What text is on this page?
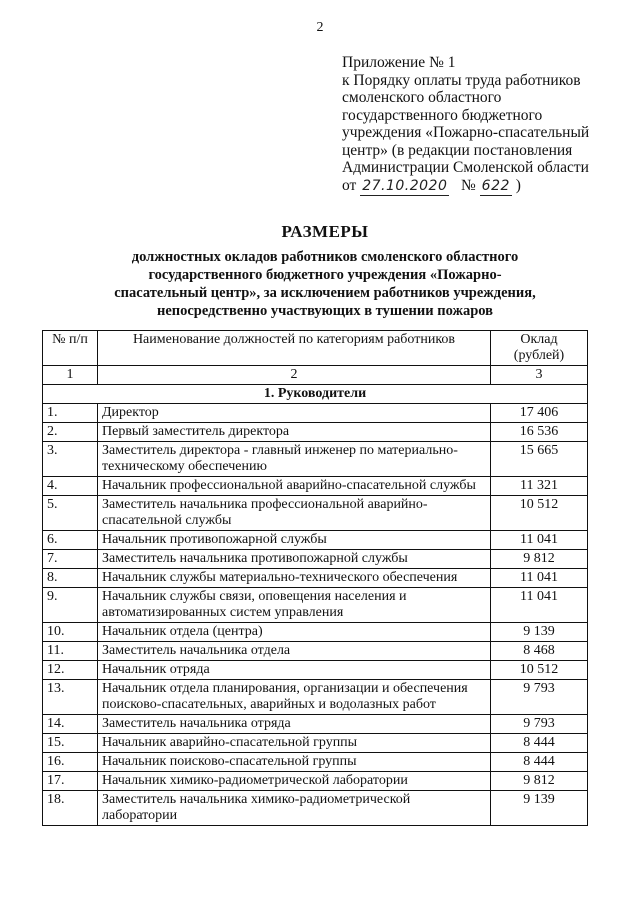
2
Приложение № 1
к Порядку оплаты труда работников
смоленского областного
государственного бюджетного
учреждения «Пожарно-спасательный
центр» (в редакции постановления
Администрации Смоленской области
от 27.10.2020 № 622 )
РАЗМЕРЫ
должностных окладов работников смоленского областного
государственного бюджетного учреждения «Пожарно-
спасательный центр», за исключением работников учреждения,
непосредственно участвующих в тушении пожаров
№ п/п	Наименование должностей по категориям работников	Оклад (рублей)
1	2	3
1. Руководители		
1.	Директор	17 406
2.	Первый заместитель директора	16 536
3.	Заместитель директора - главный инженер по материально-техническому обеспечению	15 665
4.	Начальник профессиональной аварийно-спасательной службы	11 321
5.	Заместитель начальника профессиональной аварийно-спасательной службы	10 512
6.	Начальник противопожарной службы	11 041
7.	Заместитель начальника противопожарной службы	9 812
8.	Начальник службы материально-технического обеспечения	11 041
9.	Начальник службы связи, оповещения населения и автоматизированных систем управления	11 041
10.	Начальник отдела (центра)	9 139
11.	Заместитель начальника отдела	8 468
12.	Начальник отряда	10 512
13.	Начальник отдела планирования, организации и обеспечения поисково-спасательных, аварийных и водолазных работ	9 793
14.	Заместитель начальника отряда	9 793
15.	Начальник аварийно-спасательной группы	8 444
16.	Начальник поисково-спасательной группы	8 444
17.	Начальник химико-радиометрической лаборатории	9 812
18.	Заместитель начальника химико-радиометрической лаборатории	9 139
